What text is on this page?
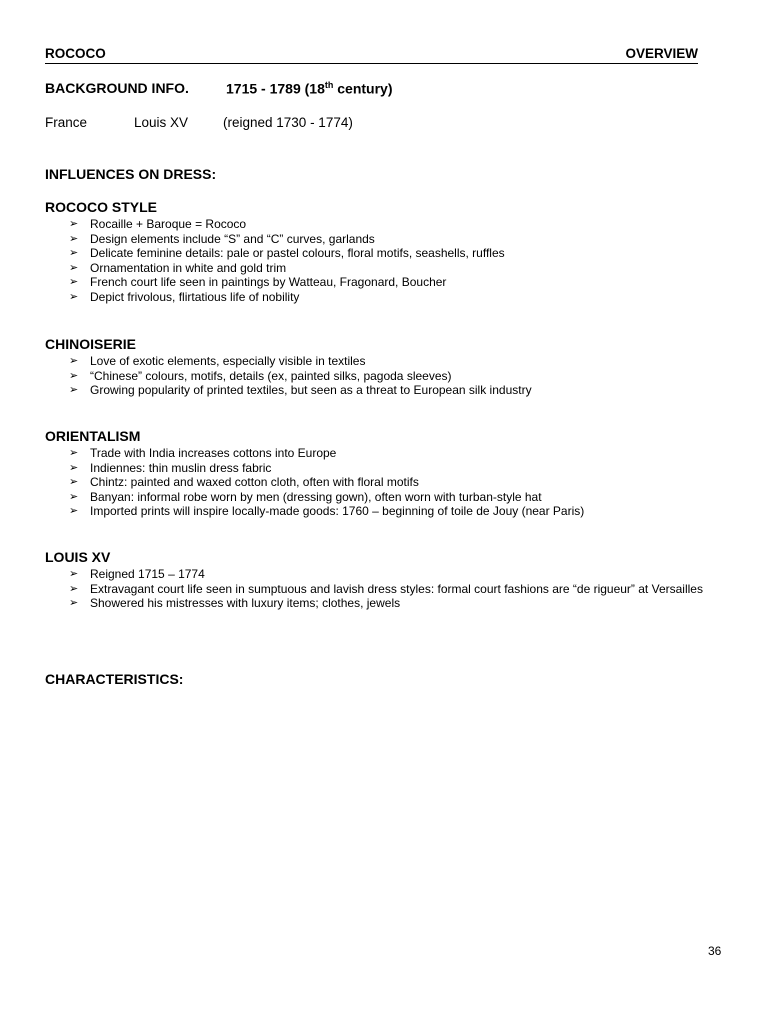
ROCOCO	OVERVIEW
BACKGROUND INFO.	1715 - 1789 (18th century)
France	Louis XV	(reigned 1730 - 1774)
INFLUENCES ON DRESS:
ROCOCO STYLE
➢ Rocaille + Baroque = Rococo
➢ Design elements include “S” and “C” curves, garlands
➢ Delicate feminine details: pale or pastel colours, floral motifs, seashells, ruffles
➢ Ornamentation in white and gold trim
➢ French court life seen in paintings by Watteau, Fragonard, Boucher
➢ Depict frivolous, flirtatious life of nobility
CHINOISERIE
➢ Love of exotic elements, especially visible in textiles
➢ “Chinese” colours, motifs, details (ex, painted silks, pagoda sleeves)
➢ Growing popularity of printed textiles, but seen as a threat to European silk industry
ORIENTALISM
➢ Trade with India increases cottons into Europe
➢ Indiennes: thin muslin dress fabric
➢ Chintz: painted and waxed cotton cloth, often with floral motifs
➢ Banyan: informal robe worn by men (dressing gown), often worn with turban-style hat
➢ Imported prints will inspire locally-made goods: 1760 – beginning of toile de Jouy (near Paris)
LOUIS XV
➢ Reigned 1715 – 1774
➢ Extravagant court life seen in sumptuous and lavish dress styles: formal court fashions are “de rigueur” at Versailles
➢ Showered his mistresses with luxury items; clothes, jewels
CHARACTERISTICS:
36
